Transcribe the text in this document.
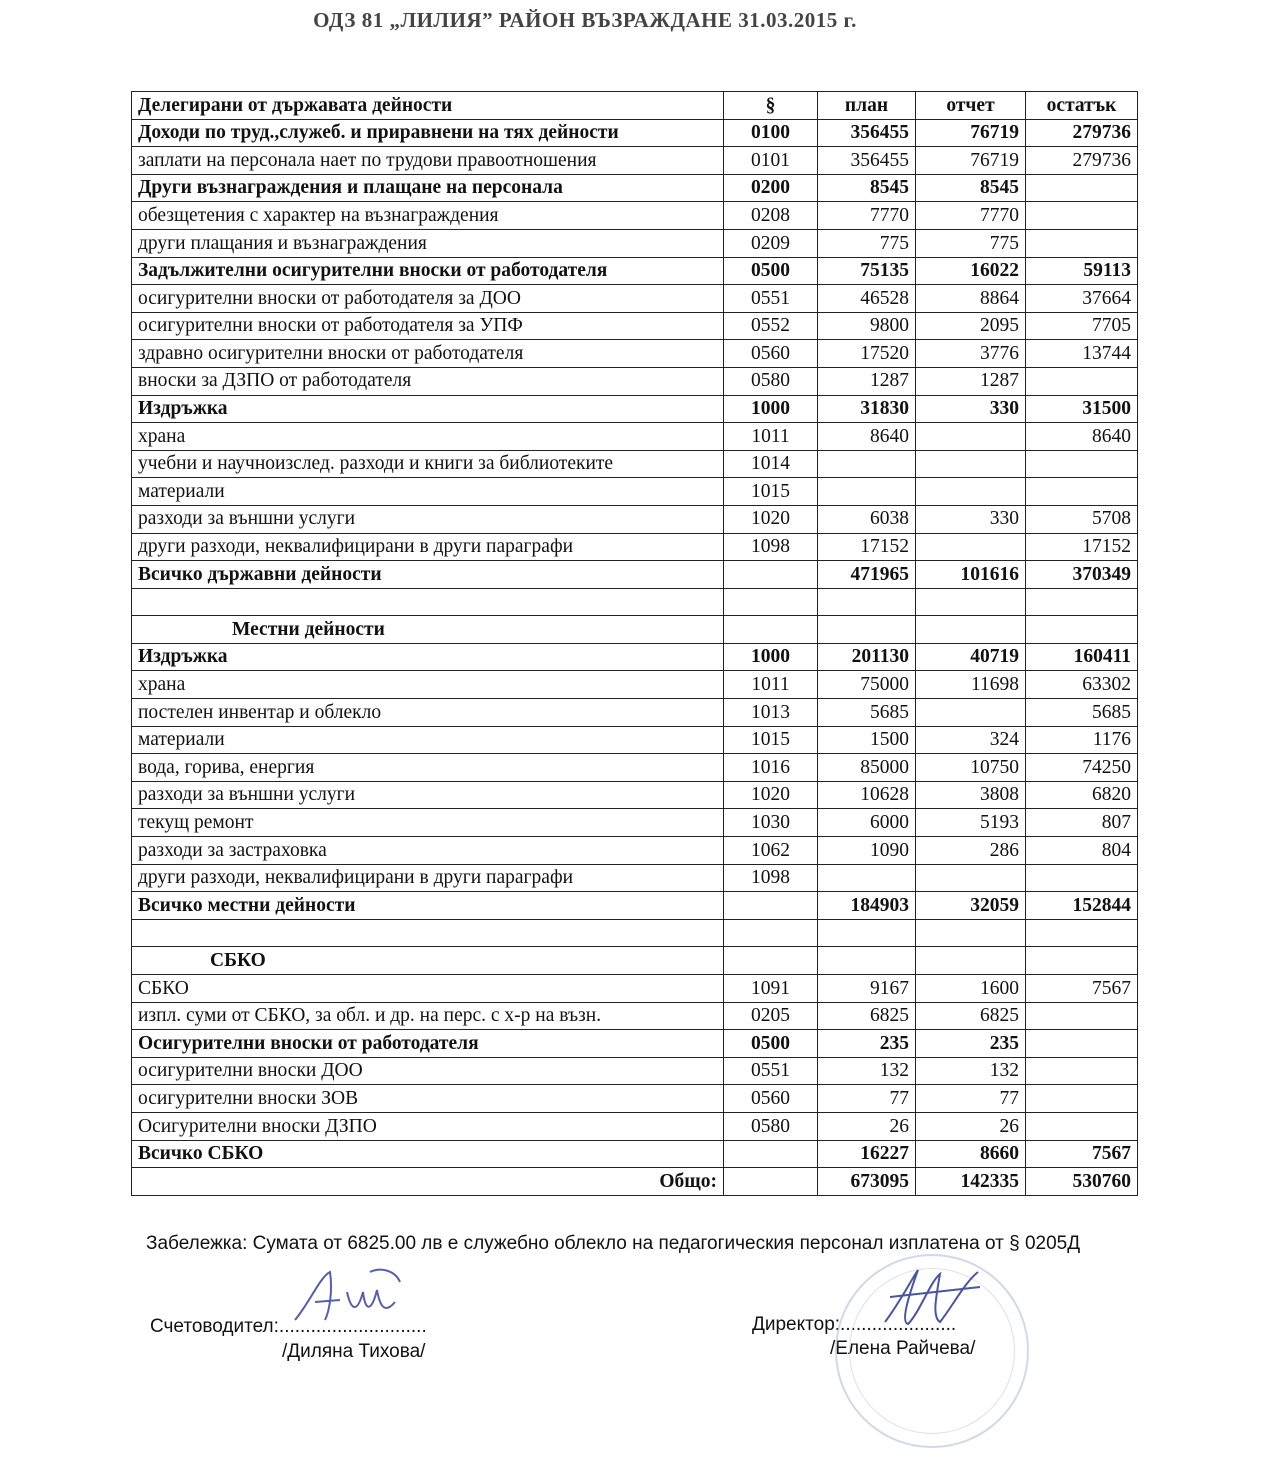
ОДЗ 81 „ЛИЛИЯ” РАЙОН ВЪЗРАЖДАНЕ 31.03.2015 г.
Делегирани от държавата дейности	§	план	отчет	остатък
Доходи по труд.,служеб. и приравнени на тях дейности	0100	356455	76719	279736
заплати на персонала нает по трудови правоотношения	0101	356455	76719	279736
Други възнаграждения и плащане на персонала	0200	8545	8545	
обезщетения с характер на възнаграждения	0208	7770	7770	
други плащания и възнаграждения	0209	775	775	
Задължителни осигурителни вноски от работодателя	0500	75135	16022	59113
осигурителни вноски от работодателя за ДОО	0551	46528	8864	37664
осигурителни вноски от работодателя за УПФ	0552	9800	2095	7705
здравно осигурителни вноски от работодателя	0560	17520	3776	13744
вноски за ДЗПО от работодателя	0580	1287	1287	
Издръжка	1000	31830	330	31500
храна	1011	8640		8640
учебни и научноизслед. разходи и книги за библиотеките	1014			
материали	1015			
разходи за външни услуги	1020	6038	330	5708
други разходи, неквалифицирани в други параграфи	1098	17152		17152
Всичко държавни дейности		471965	101616	370349

Местни дейности				
Издръжка	1000	201130	40719	160411
храна	1011	75000	11698	63302
постелен инвентар и облекло	1013	5685		5685
материали	1015	1500	324	1176
вода, горива, енергия	1016	85000	10750	74250
разходи за външни услуги	1020	10628	3808	6820
текущ ремонт	1030	6000	5193	807
разходи за застраховка	1062	1090	286	804
други разходи, неквалифицирани в други параграфи	1098			
Всичко местни дейности		184903	32059	152844

СБКО				
СБКО	1091	9167	1600	7567
изпл. суми от СБКО, за обл. и др. на перс. с х-р на възн.	0205	6825	6825	
Осигурителни вноски от работодателя	0500	235	235	
осигурителни вноски ДОО	0551	132	132	
осигурителни вноски ЗОВ	0560	77	77	
Осигурителни вноски ДЗПО	0580	26	26	
Всичко СБКО		16227	8660	7567
Общо:		673095	142335	530760
Забележка: Сумата от 6825.00 лв е служебно облекло на педагогическия персонал изплатена от § 0205Д
Счетоводител:............................
/Диляна Тихова/
Директор:......................
/Елена Райчева/
